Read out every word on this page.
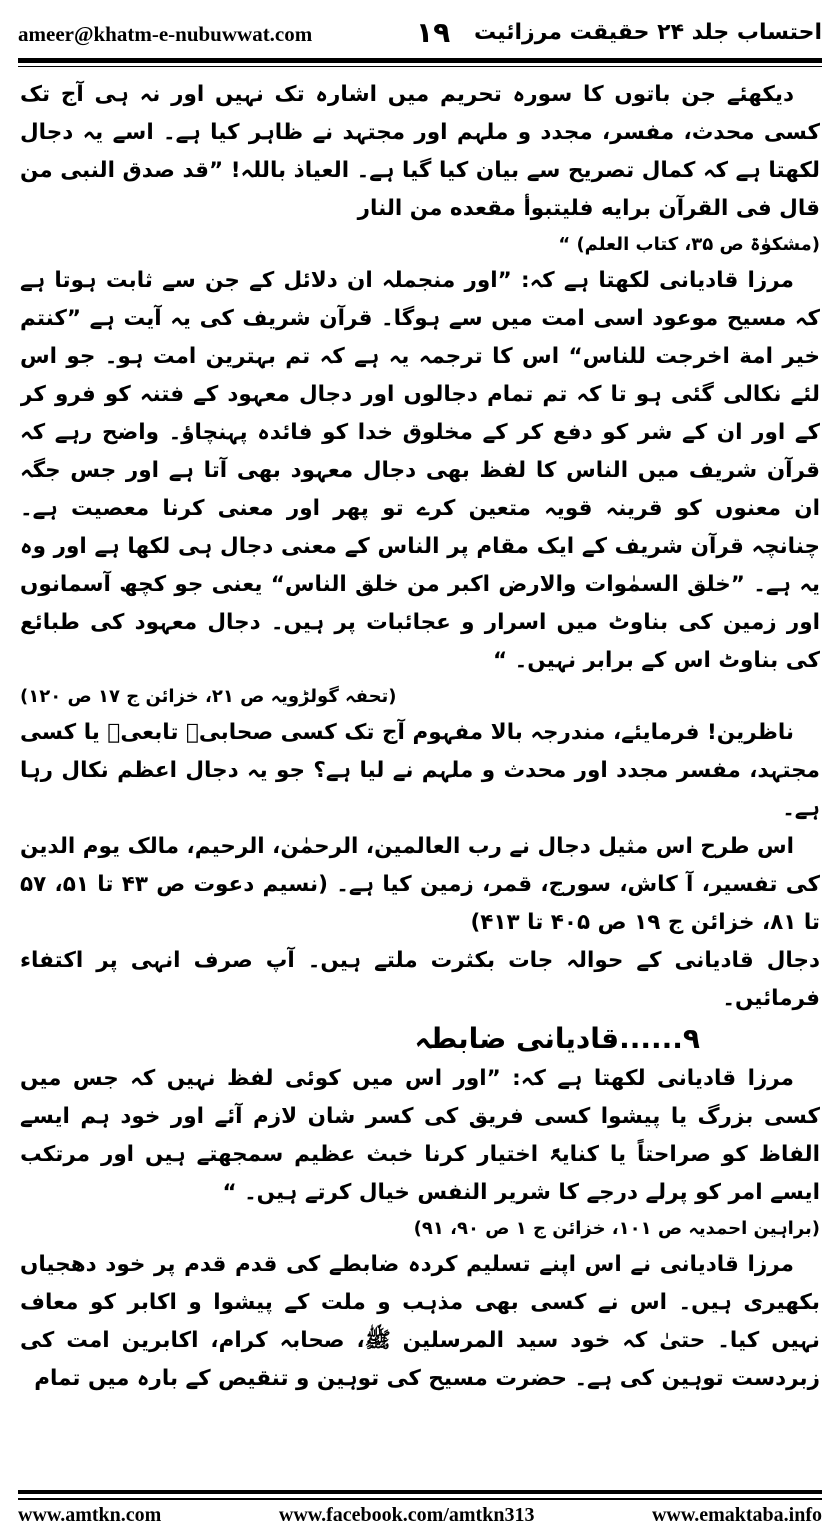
ameer@khatm-e-nubuwwat.com	۱۹ احتساب جلد ۲۴ حقیقت مرزائیت

دیکھئے جن باتوں کا سورہ تحریم میں اشارہ تک نہیں اور نہ ہی آج تک کسی محدث، مفسر، مجدد و ملہم اور مجتہد نے ظاہر کیا ہے۔ اسے یہ دجال لکھتا ہے کہ کمال تصریح سے بیان کیا گیا ہے۔ العیاذ باللہ! ”قد صدق النبی من قال فی القرآن برایه فلیتبوأ مقعده من النار

(مشکوٰۃ ص ۳۵، کتاب العلم) “

مرزا قادیانی لکھتا ہے کہ: ”اور منجملہ ان دلائل کے جن سے ثابت ہوتا ہے کہ مسیح موعود اسی امت میں سے ہوگا۔ قرآن شریف کی یہ آیت ہے ”کنتم خیر امة اخرجت للناس“ اس کا ترجمہ یہ ہے کہ تم بہترین امت ہو۔ جو اس لئے نکالی گئی ہو تا کہ تم تمام دجالوں اور دجال معہود کے فتنہ کو فرو کر کے اور ان کے شر کو دفع کر کے مخلوق خدا کو فائدہ پہنچاؤ۔ واضح رہے کہ قرآن شریف میں الناس کا لفظ بھی دجال معہود بھی آتا ہے اور جس جگہ ان معنوں کو قرینہ قویہ متعین کرے تو پھر اور معنی کرنا معصیت ہے۔ چنانچہ قرآن شریف کے ایک مقام پر الناس کے معنی دجال ہی لکھا ہے اور وہ یہ ہے۔ ”خلق السمٰوات والارض اکبر من خلق الناس“ یعنی جو کچھ آسمانوں اور زمین کی بناوٹ میں اسرار و عجائبات پر ہیں۔ دجال معہود کی طبائع کی بناوٹ اس کے برابر نہیں۔ “

(تحفہ گولڑویہ ص ۲۱، خزائن ج ۱۷ ص ۱۲۰)

ناظرین! فرمایئے، مندرجہ بالا مفہوم آج تک کسی صحابیؓ تابعیؒ یا کسی مجتہد، مفسر مجدد اور محدث و ملہم نے لیا ہے؟ جو یہ دجال اعظم نکال رہا ہے۔

اس طرح اس مثیل دجال نے رب العالمین، الرحمٰن، الرحیم، مالک یوم الدین کی تفسیر، آ کاش، سورج، قمر، زمین کیا ہے۔ (نسیم دعوت ص ۴۳ تا ۵۱، ۵۷ تا ۸۱، خزائن ج ۱۹ ص ۴۰۵ تا ۴۱۳)

دجال قادیانی کے حوالہ جات بکثرت ملتے ہیں۔ آپ صرف انہی پر اکتفاء فرمائیں۔

۹......قادیانی ضابطہ

مرزا قادیانی لکھتا ہے کہ: ”اور اس میں کوئی لفظ نہیں کہ جس میں کسی بزرگ یا پیشوا کسی فریق کی کسر شان لازم آئے اور خود ہم ایسے الفاظ کو صراحتاً یا کنایۃً اختیار کرنا خبث عظیم سمجھتے ہیں اور مرتکب ایسے امر کو پرلے درجے کا شریر النفس خیال کرتے ہیں۔ “

(براہین احمدیہ ص ۱۰۱، خزائن ج ۱ ص ۹۰، ۹۱)

مرزا قادیانی نے اس اپنے تسلیم کردہ ضابطے کی قدم قدم پر خود دھجیاں بکھیری ہیں۔ اس نے کسی بھی مذہب و ملت کے پیشوا و اکابر کو معاف نہیں کیا۔ حتیٰ کہ خود سید المرسلین ﷺ، صحابہ کرام، اکابرین امت کی زبردست توہین کی ہے۔ حضرت مسیح کی توہین و تنقیص کے بارہ میں تمام

www.amtkn.com	www.facebook.com/amtkn313	www.emaktaba.info
